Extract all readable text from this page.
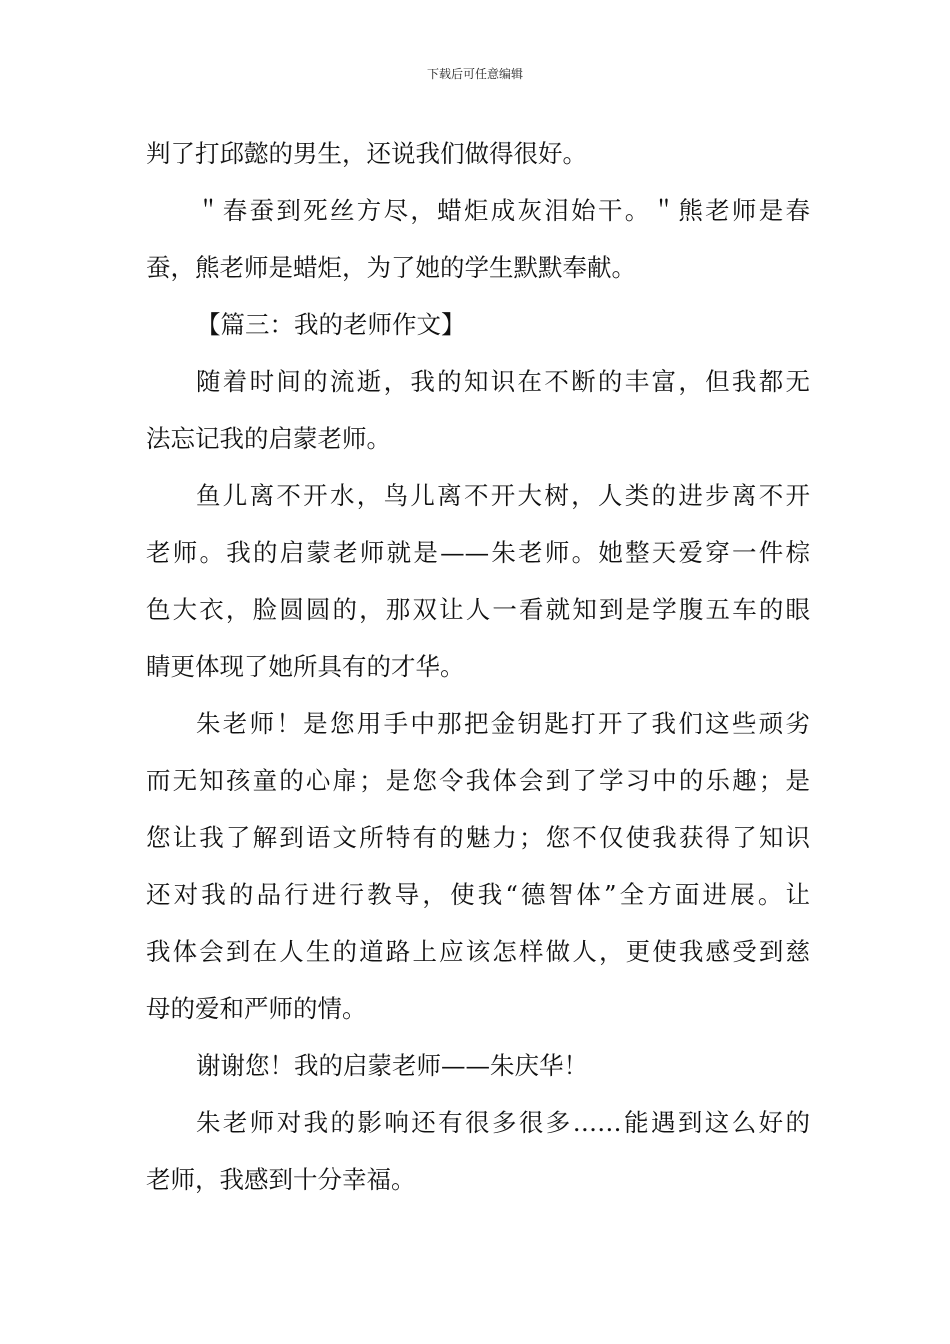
下载后可任意编辑
判了打邱懿的男生，还说我们做得很好。
＂春蚕到死丝方尽，蜡炬成灰泪始干。＂熊老师是春
蚕，熊老师是蜡炬，为了她的学生默默奉献。
【篇三：我的老师作文】
随着时间的流逝，我的知识在不断的丰富，但我都无
法忘记我的启蒙老师。
鱼儿离不开水，鸟儿离不开大树，人类的进步离不开
老师。我的启蒙老师就是——朱老师。她整天爱穿一件棕
色大衣，脸圆圆的，那双让人一看就知到是学腹五车的眼
睛更体现了她所具有的才华。
朱老师！是您用手中那把金钥匙打开了我们这些顽劣
而无知孩童的心扉；是您令我体会到了学习中的乐趣；是
您让我了解到语文所特有的魅力；您不仅使我获得了知识
还对我的品行进行教导，使我“德智体”全方面进展。让
我体会到在人生的道路上应该怎样做人，更使我感受到慈
母的爱和严师的情。
谢谢您！我的启蒙老师——朱庆华！
朱老师对我的影响还有很多很多……能遇到这么好的
老师，我感到十分幸福。
